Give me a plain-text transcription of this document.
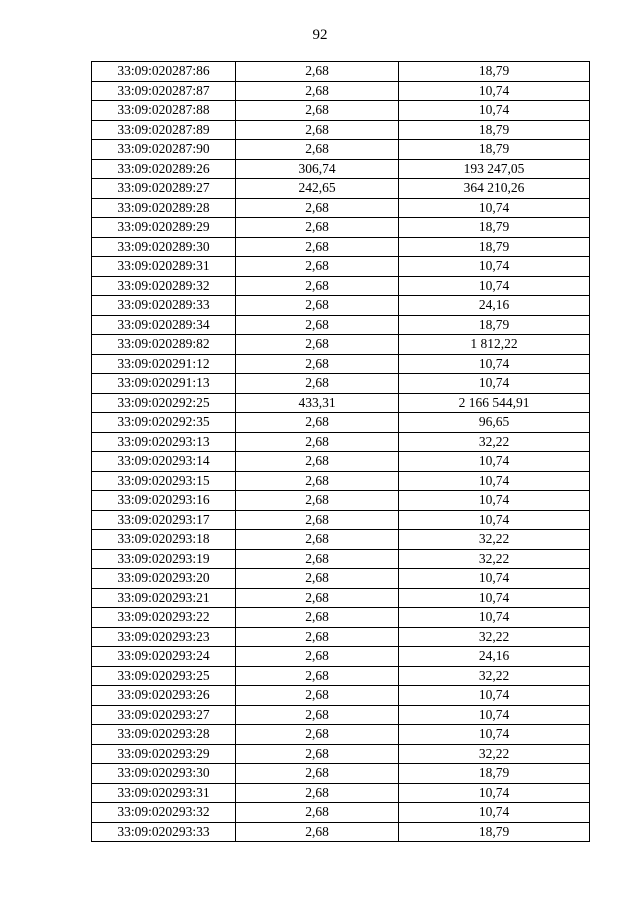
92
33:09:020287:86	2,68	18,79
33:09:020287:87	2,68	10,74
33:09:020287:88	2,68	10,74
33:09:020287:89	2,68	18,79
33:09:020287:90	2,68	18,79
33:09:020289:26	306,74	193 247,05
33:09:020289:27	242,65	364 210,26
33:09:020289:28	2,68	10,74
33:09:020289:29	2,68	18,79
33:09:020289:30	2,68	18,79
33:09:020289:31	2,68	10,74
33:09:020289:32	2,68	10,74
33:09:020289:33	2,68	24,16
33:09:020289:34	2,68	18,79
33:09:020289:82	2,68	1 812,22
33:09:020291:12	2,68	10,74
33:09:020291:13	2,68	10,74
33:09:020292:25	433,31	2 166 544,91
33:09:020292:35	2,68	96,65
33:09:020293:13	2,68	32,22
33:09:020293:14	2,68	10,74
33:09:020293:15	2,68	10,74
33:09:020293:16	2,68	10,74
33:09:020293:17	2,68	10,74
33:09:020293:18	2,68	32,22
33:09:020293:19	2,68	32,22
33:09:020293:20	2,68	10,74
33:09:020293:21	2,68	10,74
33:09:020293:22	2,68	10,74
33:09:020293:23	2,68	32,22
33:09:020293:24	2,68	24,16
33:09:020293:25	2,68	32,22
33:09:020293:26	2,68	10,74
33:09:020293:27	2,68	10,74
33:09:020293:28	2,68	10,74
33:09:020293:29	2,68	32,22
33:09:020293:30	2,68	18,79
33:09:020293:31	2,68	10,74
33:09:020293:32	2,68	10,74
33:09:020293:33	2,68	18,79
